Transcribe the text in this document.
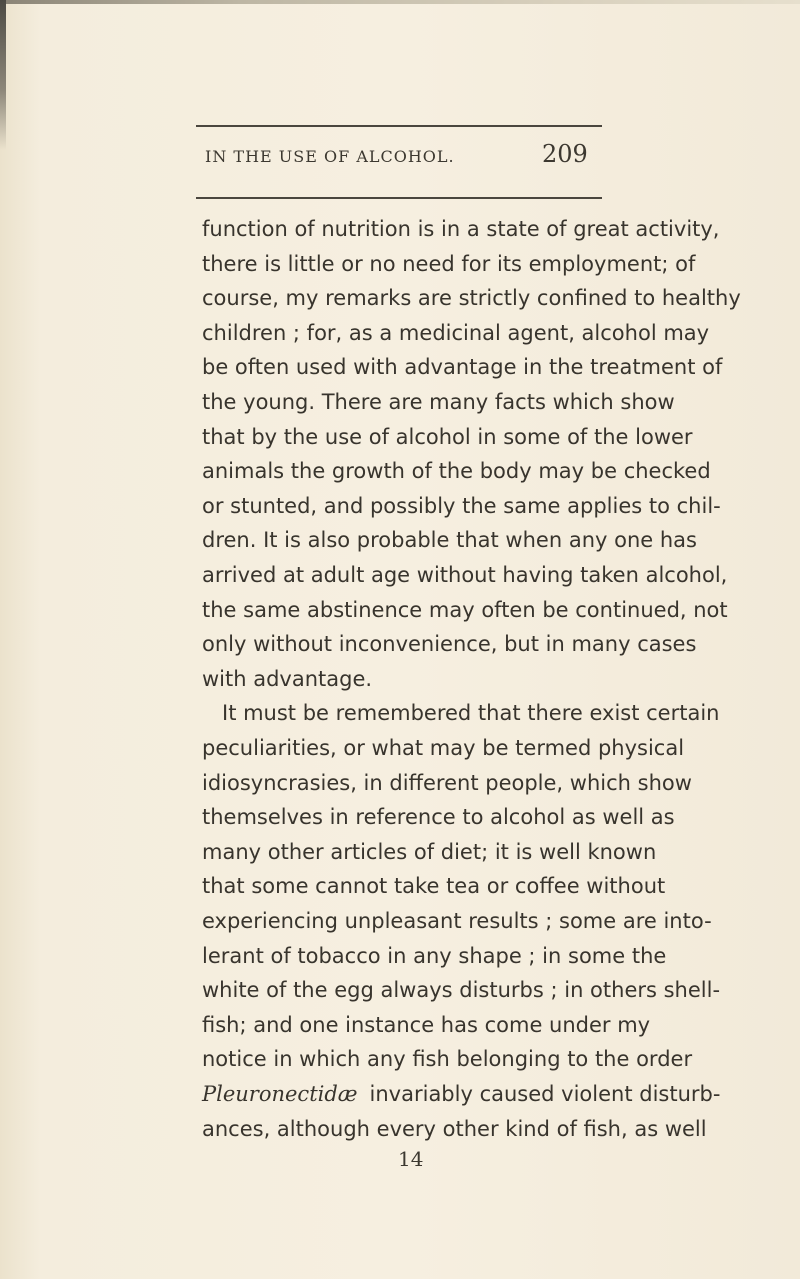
IN THE USE OF ALCOHOL.	209
function of nutrition is in a state of great activity,
there is little or no need for its employment; of
course, my remarks are strictly confined to healthy
children ; for, as a medicinal agent, alcohol may
be often used with advantage in the treatment of
the young. There are many facts which show
that by the use of alcohol in some of the lower
animals the growth of the body may be checked
or stunted, and possibly the same applies to chil-
dren. It is also probable that when any one has
arrived at adult age without having taken alcohol,
the same abstinence may often be continued, not
only without inconvenience, but in many cases
with advantage.
It must be remembered that there exist certain
peculiarities, or what may be termed physical
idiosyncrasies, in different people, which show
themselves in reference to alcohol as well as
many other articles of diet; it is well known
that some cannot take tea or coffee without
experiencing unpleasant results ; some are into-
lerant of tobacco in any shape ; in some the
white of the egg always disturbs ; in others shell-
fish; and one instance has come under my
notice in which any fish belonging to the order
Pleuronectidæ invariably caused violent disturb-
14
ances, although every other kind of fish, as well
